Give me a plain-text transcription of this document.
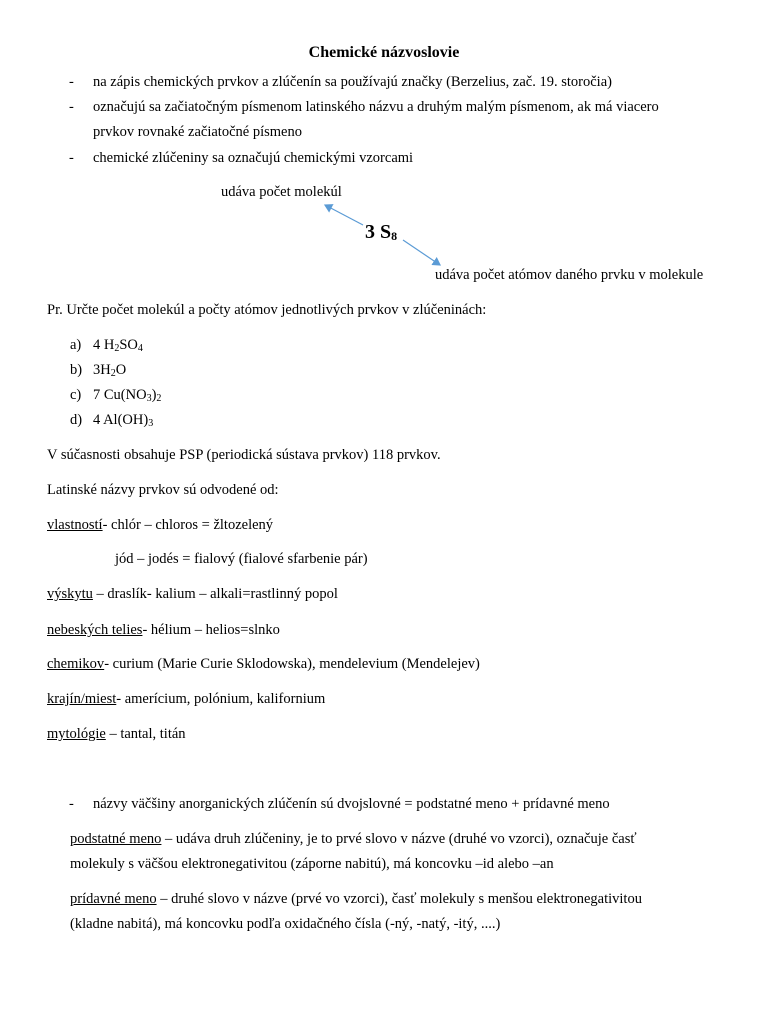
Chemické názvoslovie
- na zápis chemických prvkov a zlúčenín sa používajú značky (Berzelius, zač. 19. storočia)
- označujú sa začiatočným písmenom latinského názvu a druhým malým písmenom, ak má viacero
prvkov rovnaké začiatočné písmeno
- chemické zlúčeniny sa označujú chemickými vzorcami
udáva počet molekúl
3 $S_8$
udáva počet atómov daného prvku v molekule
Pr. Určte počet molekúl a počty atómov jednotlivých prvkov v zlúčeninách:
a) 4 $H_2SO_4$
b) $3H_2O$
c) 7 $Cu(NO_3)_2$
d) 4 $Al(OH)_3$
V súčasnosti obsahuje PSP (periodická sústava prvkov) 118 prvkov.
Latinské názvy prvkov sú odvodené od:
vlastností- chlór – chloros = žltozelený
jód – jodés = fialový (fialové sfarbenie pár)
výskytu – draslík- kalium – alkali=rastlinný popol
nebeských telies- hélium – helios=slnko
chemikov- curium (Marie Curie Sklodowska), mendelevium (Mendelejev)
krajín/miest- amerícium, polónium, kalifornium
mytológie – tantal, titán
- názvy väčšiny anorganických zlúčenín sú dvojslovné = podstatné meno + prídavné meno
podstatné meno – udáva druh zlúčeniny, je to prvé slovo v názve (druhé vo vzorci), označuje časť
molekuly s väčšou elektronegativitou (záporne nabitú), má koncovku –id alebo –an
prídavné meno – druhé slovo v názve (prvé vo vzorci), časť molekuly s menšou elektronegativitou
(kladne nabitá), má koncovku podľa oxidačného čísla (-ný, -natý, -itý, ....)
